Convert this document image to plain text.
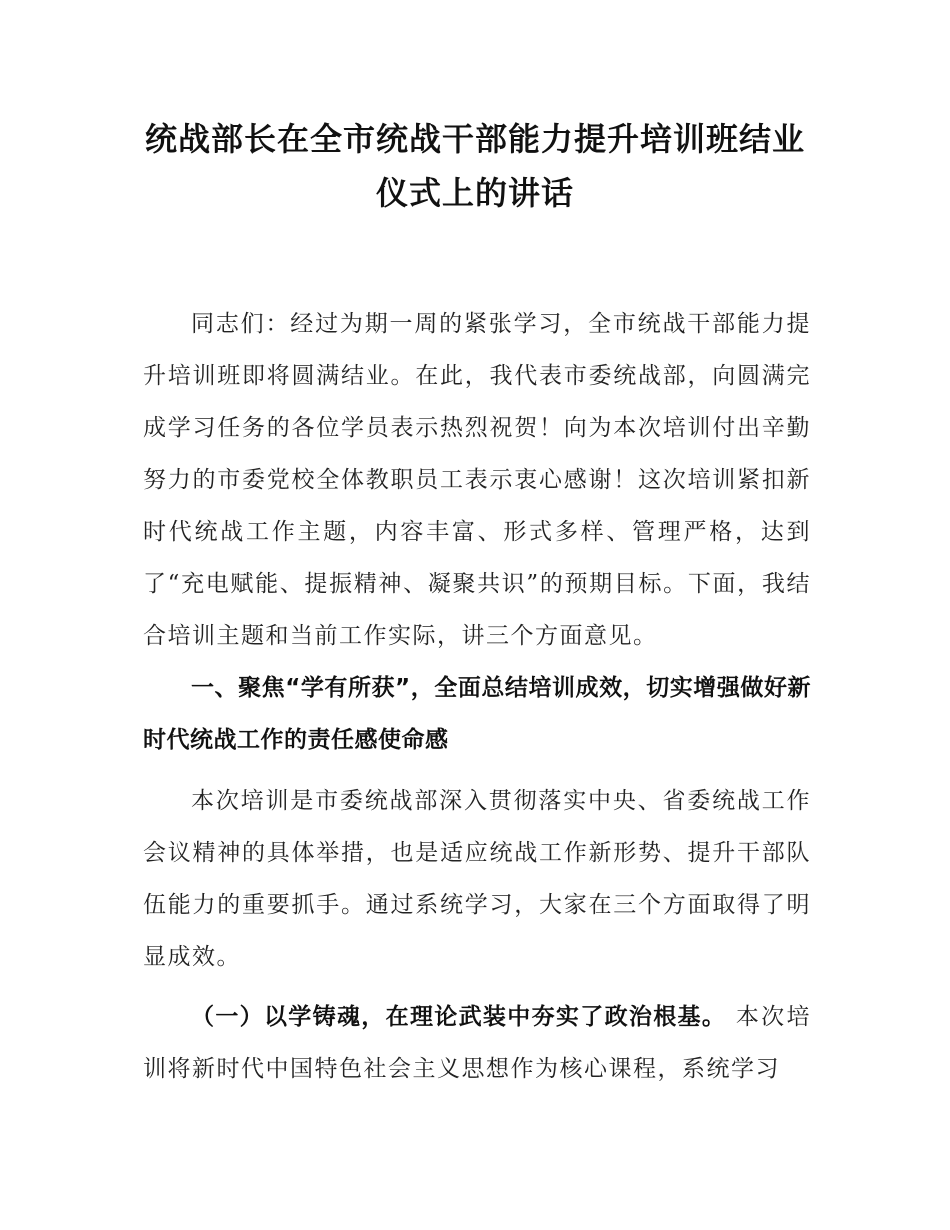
统战部长在全市统战干部能力提升培训班结业仪式上的讲话

同志们：经过为期一周的紧张学习，全市统战干部能力提升培训班即将圆满结业。在此，我代表市委统战部，向圆满完成学习任务的各位学员表示热烈祝贺！向为本次培训付出辛勤努力的市委党校全体教职员工表示衷心感谢！这次培训紧扣新时代统战工作主题，内容丰富、形式多样、管理严格，达到了“充电赋能、提振精神、凝聚共识”的预期目标。下面，我结合培训主题和当前工作实际，讲三个方面意见。

一、聚焦“学有所获”，全面总结培训成效，切实增强做好新时代统战工作的责任感使命感

本次培训是市委统战部深入贯彻落实中央、省委统战工作会议精神的具体举措，也是适应统战工作新形势、提升干部队伍能力的重要抓手。通过系统学习，大家在三个方面取得了明显成效。

（一）以学铸魂，在理论武装中夯实了政治根基。 本次培训将新时代中国特色社会主义思想作为核心课程，系统学习
